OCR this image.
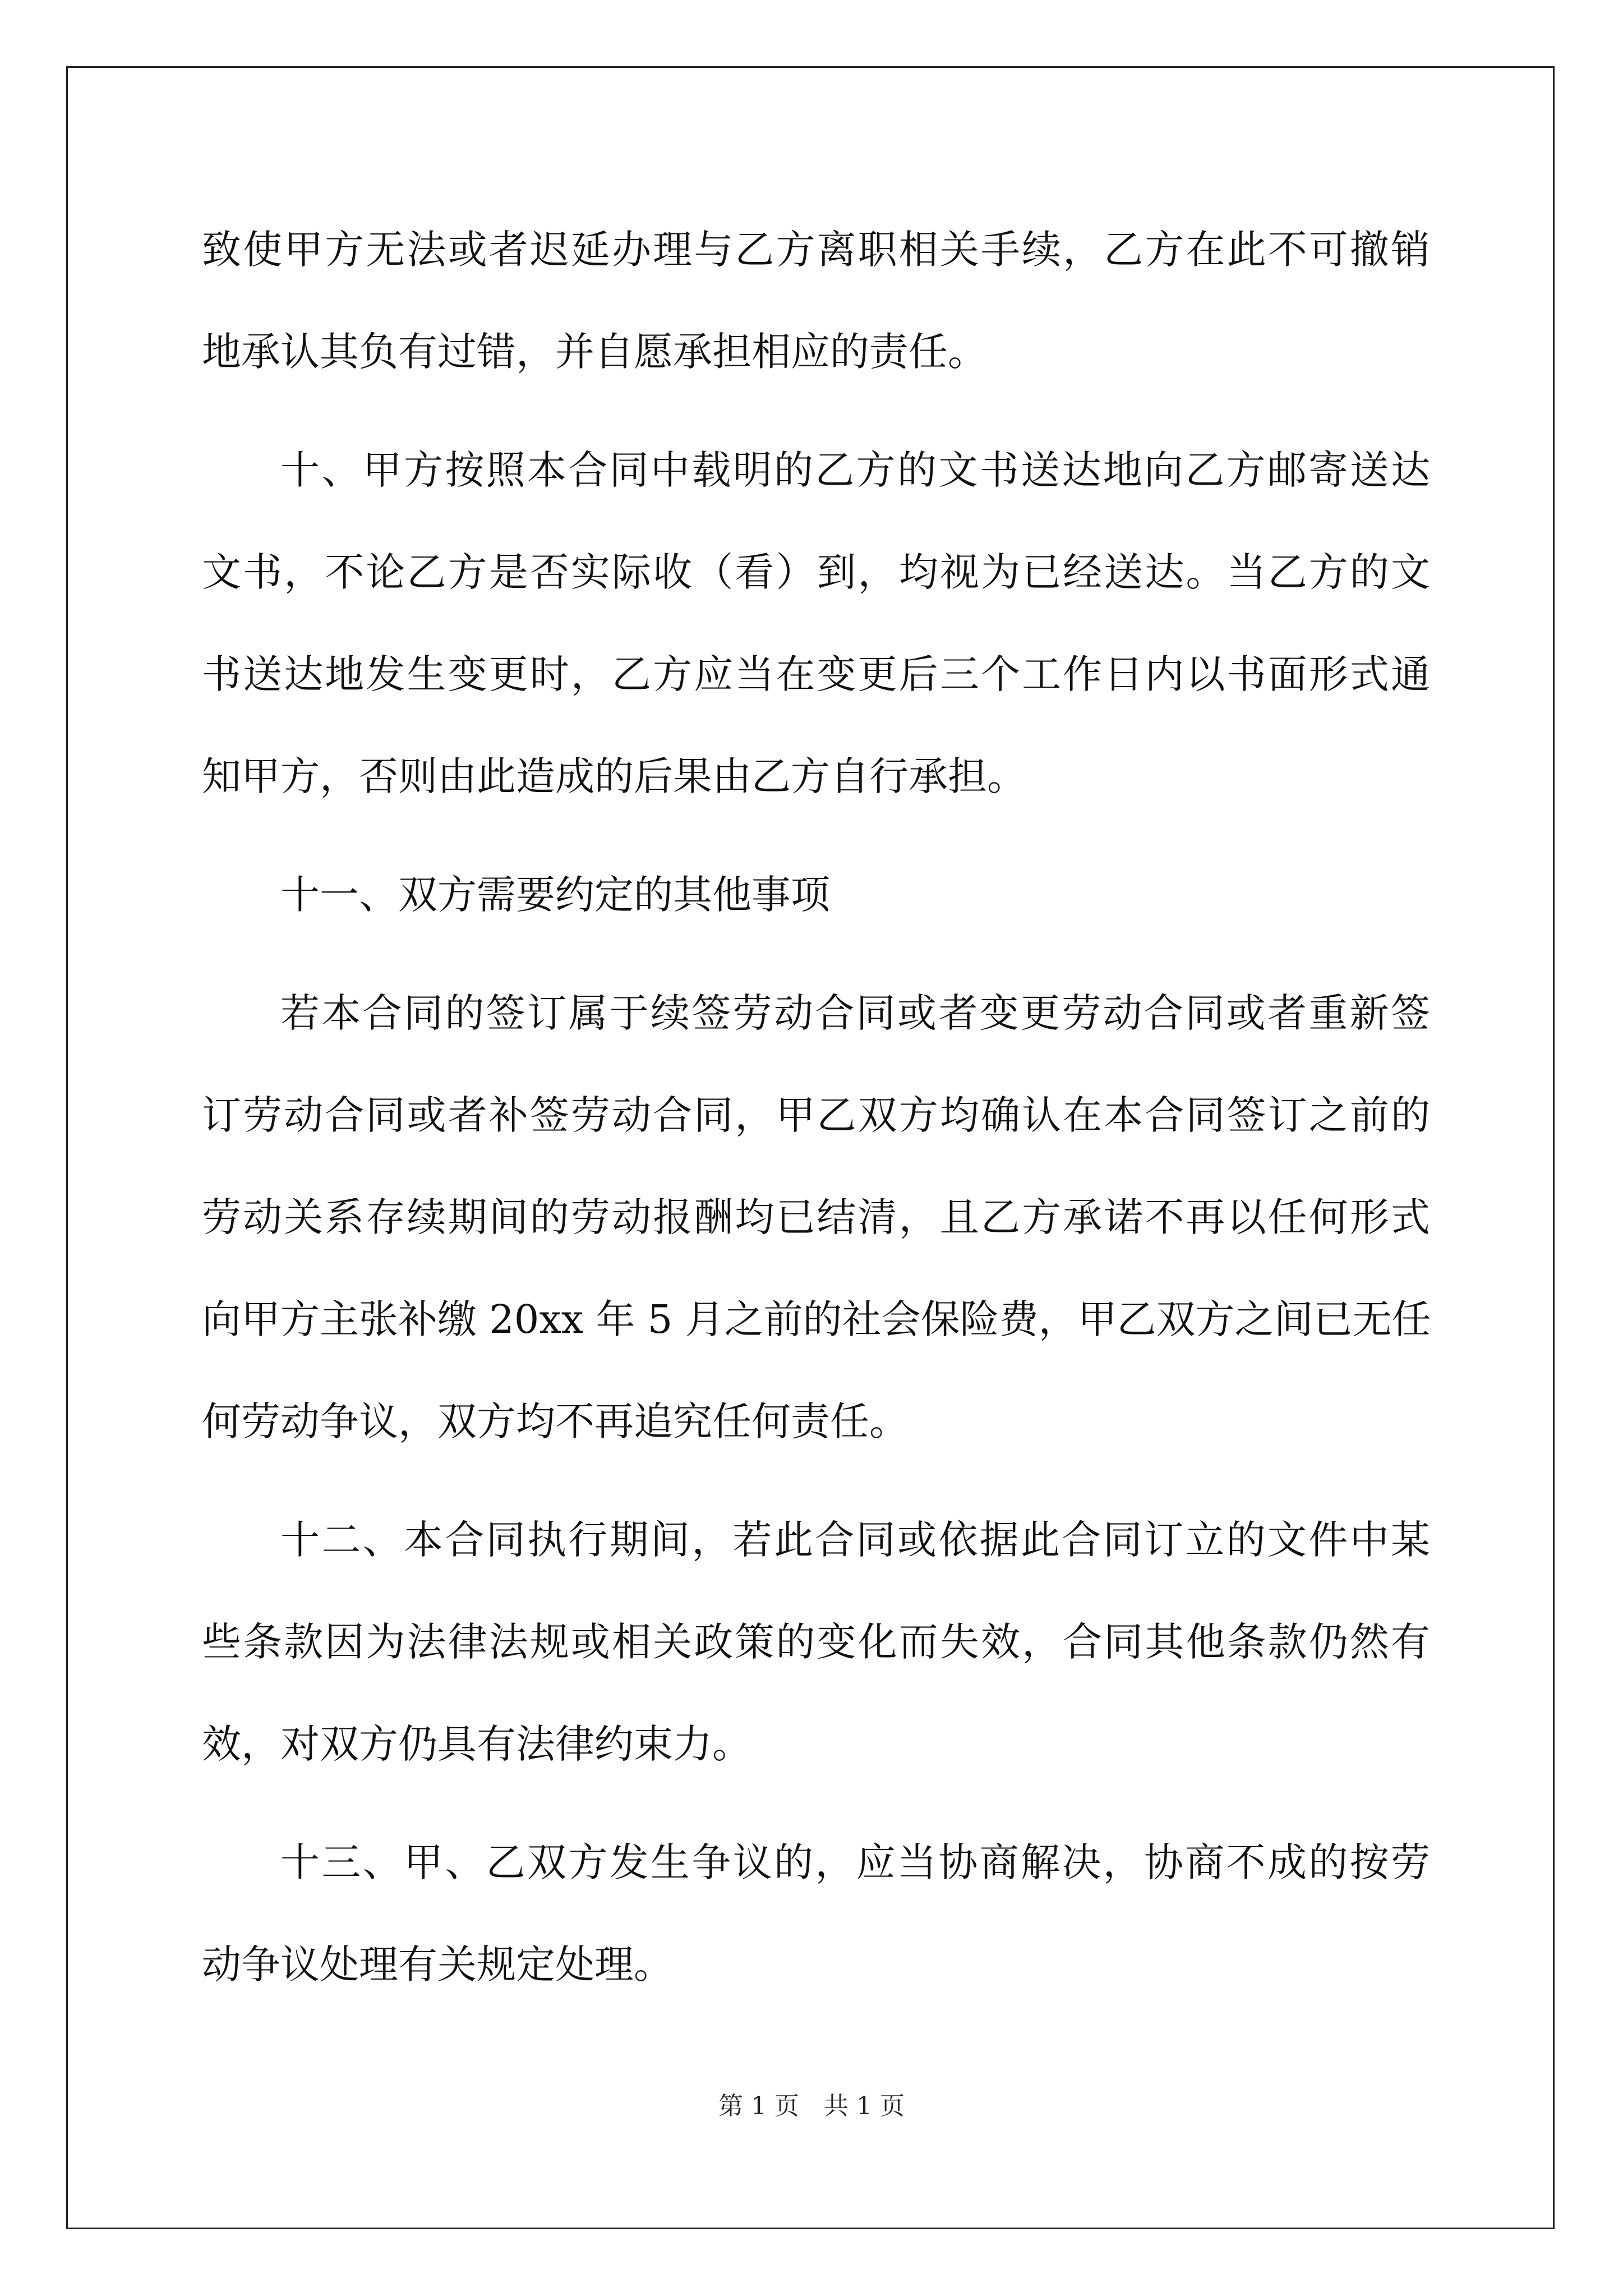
致使甲方无法或者迟延办理与乙方离职相关手续，乙方在此不可撤销
地承认其负有过错，并自愿承担相应的责任。
十、甲方按照本合同中载明的乙方的文书送达地向乙方邮寄送达
文书，不论乙方是否实际收（看）到，均视为已经送达。当乙方的文
书送达地发生变更时，乙方应当在变更后三个工作日内以书面形式通
知甲方，否则由此造成的后果由乙方自行承担。
十一、双方需要约定的其他事项
若本合同的签订属于续签劳动合同或者变更劳动合同或者重新签
订劳动合同或者补签劳动合同，甲乙双方均确认在本合同签订之前的
劳动关系存续期间的劳动报酬均已结清，且乙方承诺不再以任何形式
向甲方主张补缴 20xx 年 5 月之前的社会保险费，甲乙双方之间已无任
何劳动争议，双方均不再追究任何责任。
十二、本合同执行期间，若此合同或依据此合同订立的文件中某
些条款因为法律法规或相关政策的变化而失效，合同其他条款仍然有
效，对双方仍具有法律约束力。
十三、甲、乙双方发生争议的，应当协商解决，协商不成的按劳
动争议处理有关规定处理。
第 1 页　共 1 页
